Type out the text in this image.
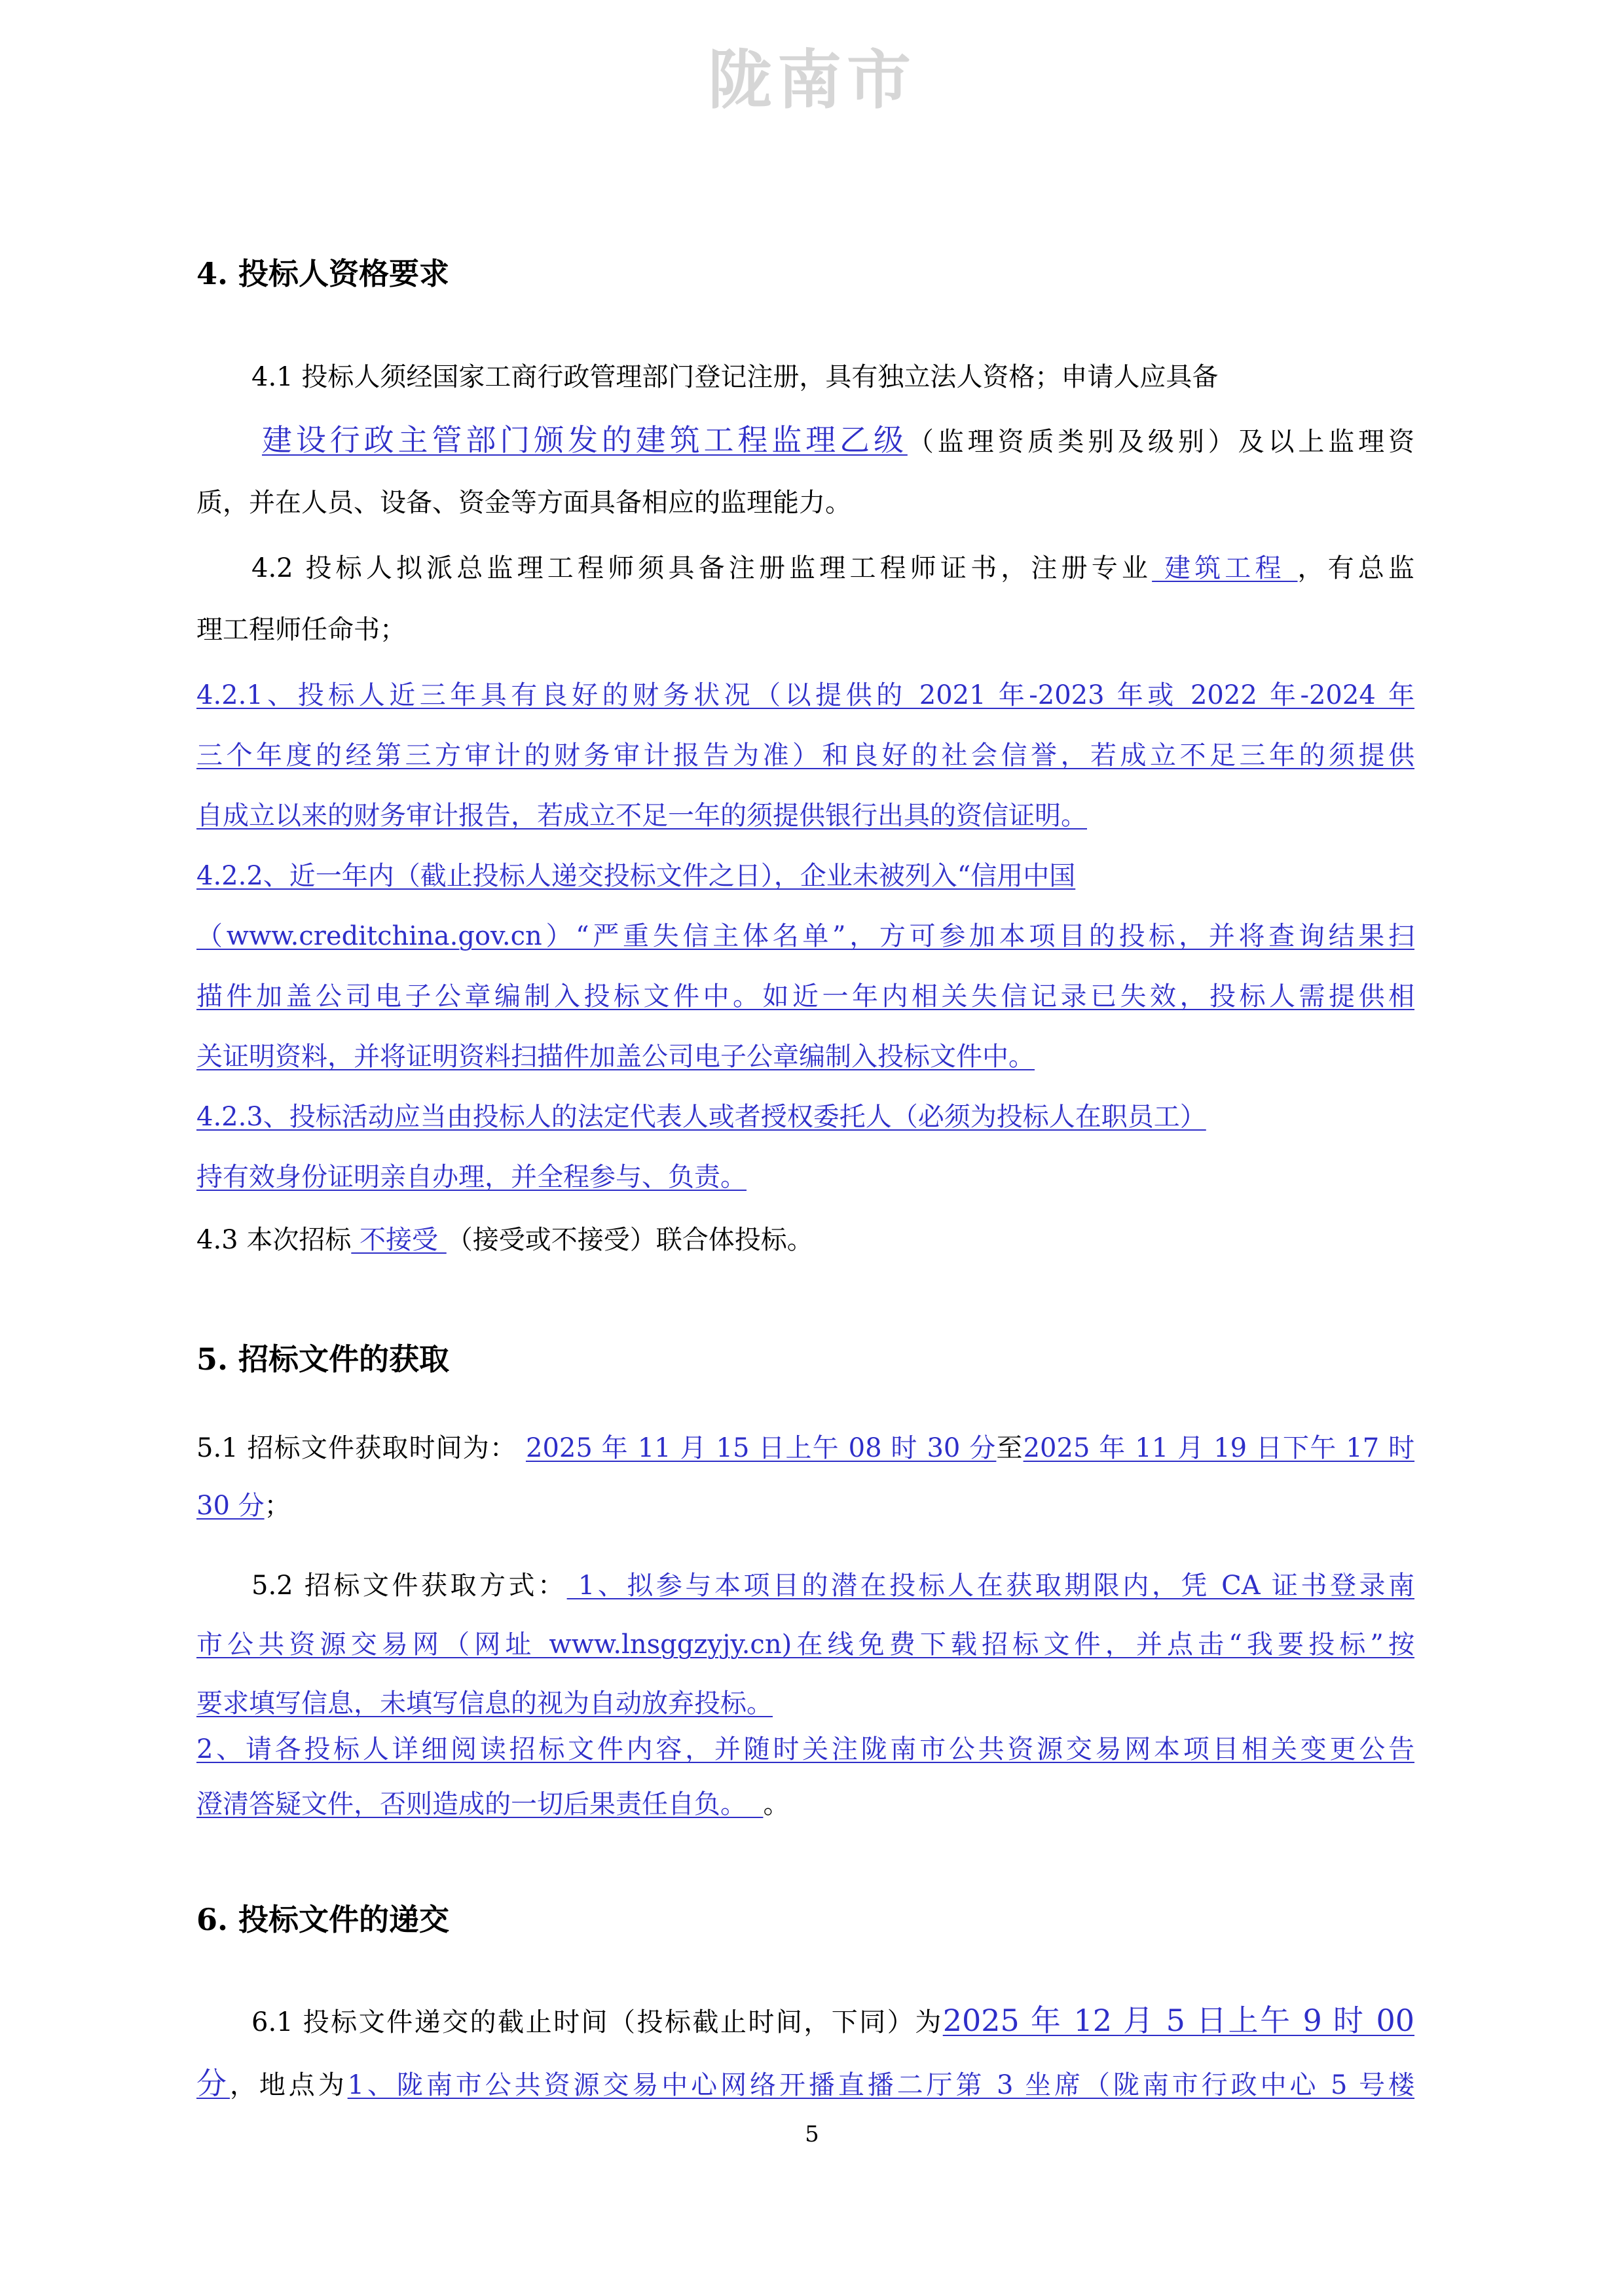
陇南市
4. 投标人资格要求
4.1 投标人须经国家工商行政管理部门登记注册，具有独立法人资格；申请人应具备
建设行政主管部门颁发的建筑工程监理乙级（监理资质类别及级别）及以上监理资
质，并在人员、设备、资金等方面具备相应的监理能力。
4.2 投标人拟派总监理工程师须具备注册监理工程师证书，注册专业 建筑工程 ，有总监
理工程师任命书；
4.2.1、投标人近三年具有良好的财务状况（以提供的 2021 年-2023 年或 2022 年-2024 年
三个年度的经第三方审计的财务审计报告为准）和良好的社会信誉，若成立不足三年的须提供
自成立以来的财务审计报告，若成立不足一年的须提供银行出具的资信证明。
4.2.2、近一年内（截止投标人递交投标文件之日），企业未被列入“信用中国
（www.creditchina.gov.cn）“严重失信主体名单”，方可参加本项目的投标，并将查询结果扫
描件加盖公司电子公章编制入投标文件中。如近一年内相关失信记录已失效，投标人需提供相
关证明资料，并将证明资料扫描件加盖公司电子公章编制入投标文件中。
4.2.3、投标活动应当由投标人的法定代表人或者授权委托人（必须为投标人在职员工）
持有效身份证明亲自办理，并全程参与、负责。
4.3 本次招标 不接受 （接受或不接受）联合体投标。
5. 招标文件的获取
5.1 招标文件获取时间为： 2025 年 11 月 15 日上午 08 时 30 分至2025 年 11 月 19 日下午 17 时
30 分；
5.2 招标文件获取方式： 1、拟参与本项目的潜在投标人在获取期限内，凭 CA 证书登录南
市公共资源交易网（网址 www.lnsggzyjy.cn)在线免费下载招标文件，并点击“我要投标”按
要求填写信息，未填写信息的视为自动放弃投标。
2、请各投标人详细阅读招标文件内容，并随时关注陇南市公共资源交易网本项目相关变更公告
澄清答疑文件，否则造成的一切后果责任自负。  。
6. 投标文件的递交
6.1 投标文件递交的截止时间（投标截止时间，下同）为2025 年 12 月 5 日上午 9 时 00
分，地点为1、陇南市公共资源交易中心网络开播直播二厅第 3 坐席（陇南市行政中心 5 号楼
5
